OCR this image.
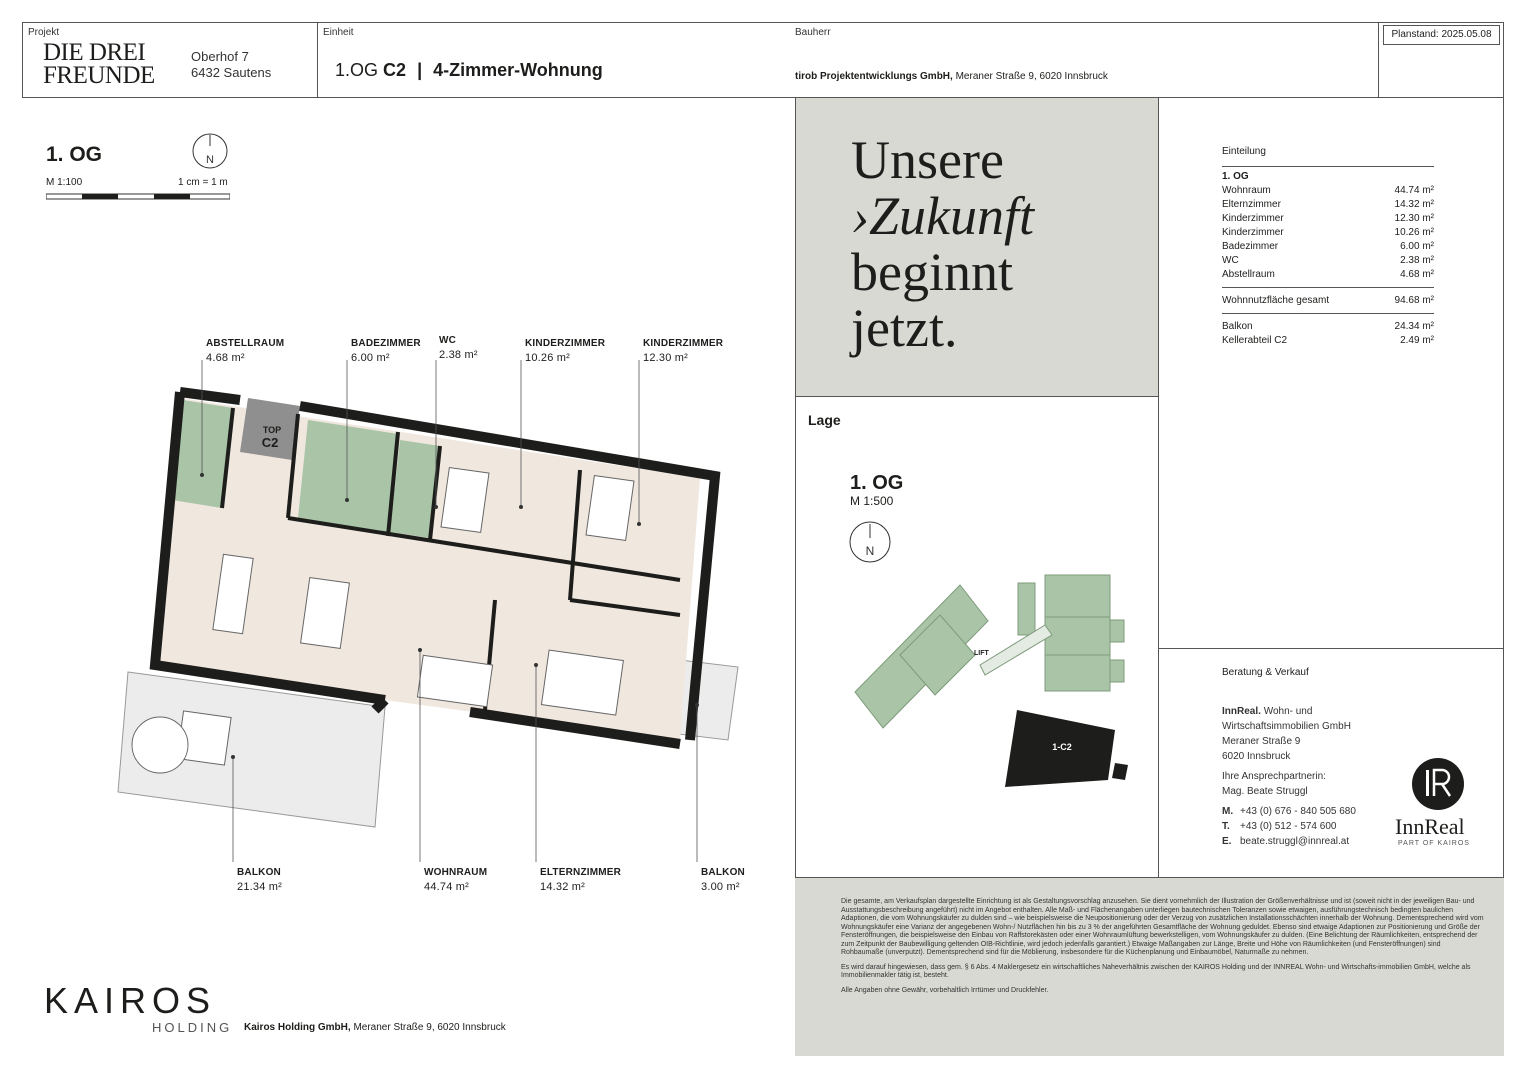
Projekt
DIE DREI
FREUNDE
Oberhof 7
6432 Sautens
Einheit
1.OG C2 | 4-Zimmer-Wohnung
Bauherr
tirob Projektentwicklungs GmbH, Meraner Straße 9, 6020 Innsbruck
Planstand: 2025.05.08
1. OG	N
M 1:100	1 cm = 1 m
ABSTELLRAUM
4.68 m²
BADEZIMMER
6.00 m²
WC
2.38 m²
KINDERZIMMER
10.26 m²
KINDERZIMMER
12.30 m²
BALKON
21.34 m²
WOHNRAUM
44.74 m²
ELTERNZIMMER
14.32 m²
BALKON
3.00 m²
TOP
C2
Unsere
›Zukunft
beginnt
jetzt.
Einteilung
1. OG
Wohnraum	44.74 m²
Elternzimmer	14.32 m²
Kinderzimmer	12.30 m²
Kinderzimmer	10.26 m²
Badezimmer	6.00 m²
WC	2.38 m²
Abstellraum	4.68 m²
Wohnnutzfläche gesamt	94.68 m²
Balkon	24.34 m²
Kellerabteil C2	2.49 m²
Lage
1. OG
M 1:500
N
LIFT
1-C2
Beratung & Verkauf
InnReal. Wohn- und
Wirtschaftsimmobilien GmbH
Meraner Straße 9
6020 Innsbruck
Ihre Ansprechpartnerin:
Mag. Beate Struggl
M. +43 (0) 676 - 840 505 680
T. +43 (0) 512 - 574 600
E. beate.struggl@innreal.at
InnReal
PART OF KAIROS

Die gesamte, am Verkaufsplan dargestellte Einrichtung ist als Gestaltungsvorschlag anzusehen. Sie dient vornehmlich der Illustration der Größenverhältnisse und ist (soweit nicht in der jeweiligen Bau- und Ausstattungsbeschreibung angeführt) nicht im Angebot enthalten. Alle Maß- und Flächenangaben unterliegen bautechnischen Toleranzen sowie etwaigen, ausführungstechnisch bedingten baulichen Adaptionen, die vom Wohnungskäufer zu dulden sind – wie beispielsweise die Neupositionierung oder der Verzug von zusätzlichen Installationsschächten innerhalb der Wohnung. Dementsprechend wird vom Wohnungskäufer eine Varianz der angegebenen Wohn-/ Nutzflächen hin bis zu 3 % der angeführten Gesamtfläche der Wohnung geduldet. Ebenso sind etwaige Adaptionen zur Positionierung und Größe der Fensteröffnungen, die beispielsweise den Einbau von Raffstorekästen oder einer Wohnraumlüftung bewerkstelligen, vom Wohnungskäufer zu dulden. (Eine Belichtung der Räumlichkeiten, entsprechend der zum Zeitpunkt der Baubewilligung geltenden OIB-Richtlinie, wird jedoch jedenfalls garantiert.) Etwaige Maßangaben zur Länge, Breite und Höhe von Räumlichkeiten (und Fensteröffnungen) sind Rohbaumaße (unverputzt). Dementsprechend sind für die Möblierung, insbesondere für die Küchenplanung und Einbaumöbel, Naturmaße zu nehmen.

Es wird darauf hingewiesen, dass gem. § 6 Abs. 4 Maklergesetz ein wirtschaftliches Naheverhältnis zwischen der KAIROS Holding und der INNREAL Wohn- und Wirtschafts-immobilien GmbH, welche als Immobilienmakler tätig ist, besteht.

Alle Angaben ohne Gewähr, vorbehaltlich Irrtümer und Druckfehler.

KAIROS
HOLDING Kairos Holding GmbH, Meraner Straße 9, 6020 Innsbruck
